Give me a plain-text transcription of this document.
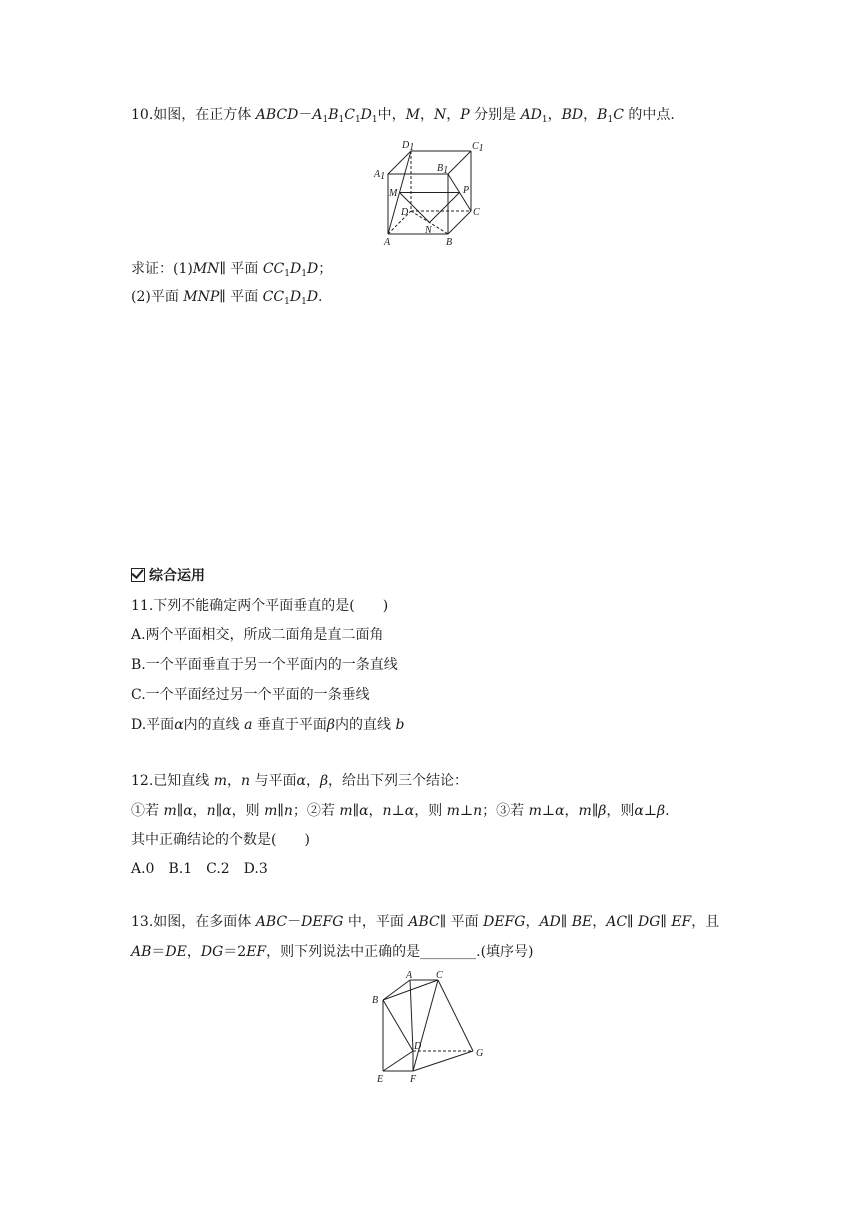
10.如图，在正方体 $ABCD-A_1B_1C_1D_1$中，M，N，P 分别是 $AD_1$，BD，$B_1C$ 的中点.
D1	C1
A1
B1
M	P
D	C
N
A	B
求证：(1)MN∥ 平面 $CC_1D_1D$；
(2)平面 MNP∥ 平面 $CC_1D_1D$.
综合运用
11.下列不能确定两个平面垂直的是(　　)
A.两个平面相交，所成二面角是直二面角
B.一个平面垂直于另一个平面内的一条直线
C.一个平面经过另一个平面的一条垂线
D.平面α内的直线 a 垂直于平面β内的直线 b
12.已知直线 m，n 与平面α，β，给出下列三个结论：
①若 m∥α，n∥α，则 m∥n；②若 m∥α，n⊥α，则 m⊥n；③若 m⊥α，m∥β，则α⊥β.
其中正确结论的个数是(　　)
A.0　B.1　C.2　D.3
13.如图，在多面体 ABC－DEFG 中，平面 ABC∥ 平面 DEFG，AD∥ BE，AC∥ DG∥ EF，且
AB＝DE，DG＝2EF，则下列说法中正确的是________.(填序号)
A C
B
D
G
E	F
